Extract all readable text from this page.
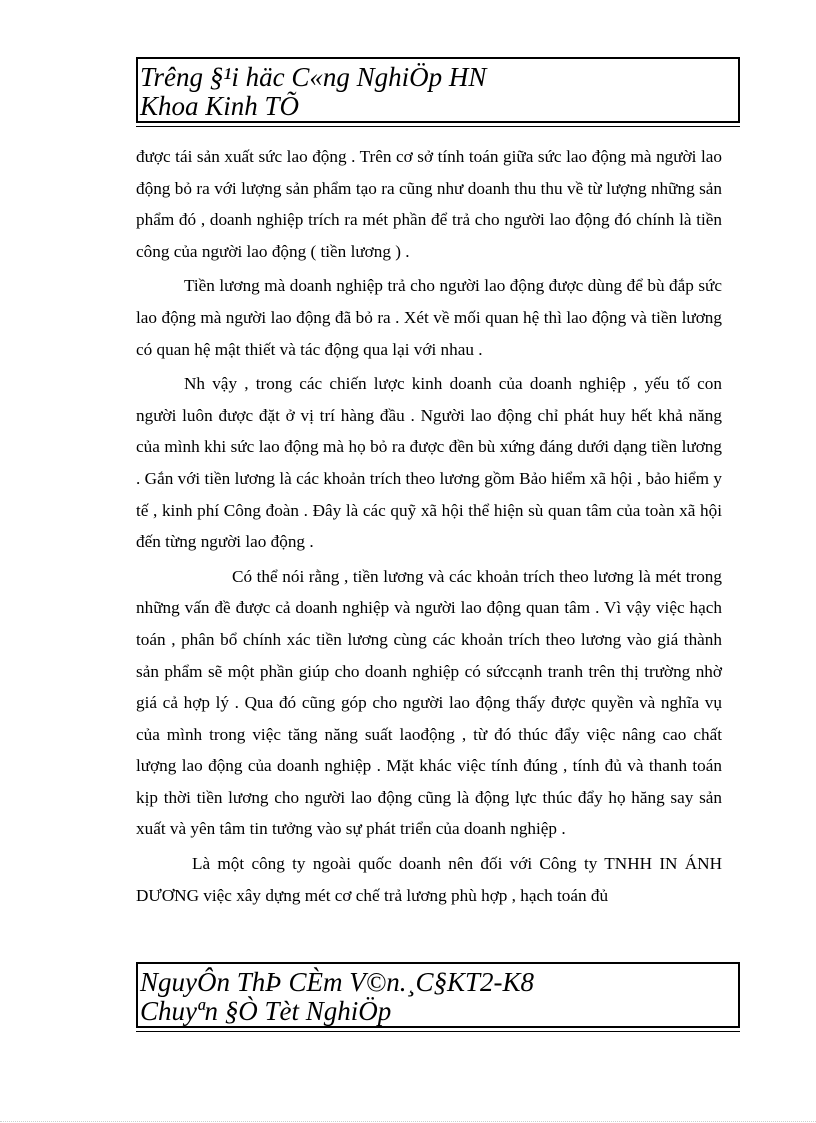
Trêng §¹i häc C«ng NghiÖp HN
Khoa Kinh TÕ

được tái sản xuất sức lao động . Trên cơ sở tính toán giữa sức lao động mà người lao động bỏ ra với lượng sản phẩm tạo ra cũng như doanh thu thu về từ lượng những sản phẩm đó , doanh nghiệp trích ra mét phần để trả cho người lao động đó chính là tiền công của người lao động ( tiền lương ) .

Tiền lương mà doanh nghiệp trả cho người lao động được dùng để bù đắp sức lao động mà người lao động đã bỏ ra . Xét về mối quan hệ thì lao động và tiền lương có quan hệ mật thiết và tác động qua lại với nhau .

Nh vậy , trong các chiến lược kinh doanh của doanh nghiệp , yếu tố con người luôn được đặt ở vị trí hàng đầu . Người lao động chỉ phát huy hết khả năng của mình khi sức lao động mà họ bỏ ra được đền bù xứng đáng dưới dạng tiền lương . Gắn với tiền lương là các khoản trích theo lương gồm Bảo hiểm xã hội , bảo hiểm y tế , kinh phí Công đoàn . Đây là các quỹ xã hội thể hiện sù quan tâm của toàn xã hội đến từng người lao động .

Có thể nói rằng , tiền lương và các khoản trích theo lương là mét trong những vấn đề được cả doanh nghiệp và người lao động quan tâm . Vì vậy việc hạch toán , phân bổ chính xác tiền lương cùng các khoản trích theo lương vào giá thành sản phẩm sẽ một phần giúp cho doanh nghiệp có sứccạnh tranh trên thị trường nhờ giá cả hợp lý . Qua đó cũng góp cho người lao động thấy được quyền và nghĩa vụ của mình trong việc tăng năng suất laođộng , từ đó thúc đẩy việc nâng cao chất lượng lao động của doanh nghiệp . Mặt khác việc tính đúng , tính đủ và thanh toán kịp thời tiền lương cho người lao động cũng là động lực thúc đẩy họ hăng say sản xuất và yên tâm tin tưởng vào sự phát triển của doanh nghiệp .

Là một công ty ngoài quốc doanh nên đối với Công ty TNHH IN ÁNH DƯƠNG việc xây dựng mét cơ chế trả lương phù hợp , hạch toán đủ

NguyÔn ThÞ CÈm V©n.¸C§KT2-K8
Chuyªn §Ò Tèt NghiÖp
